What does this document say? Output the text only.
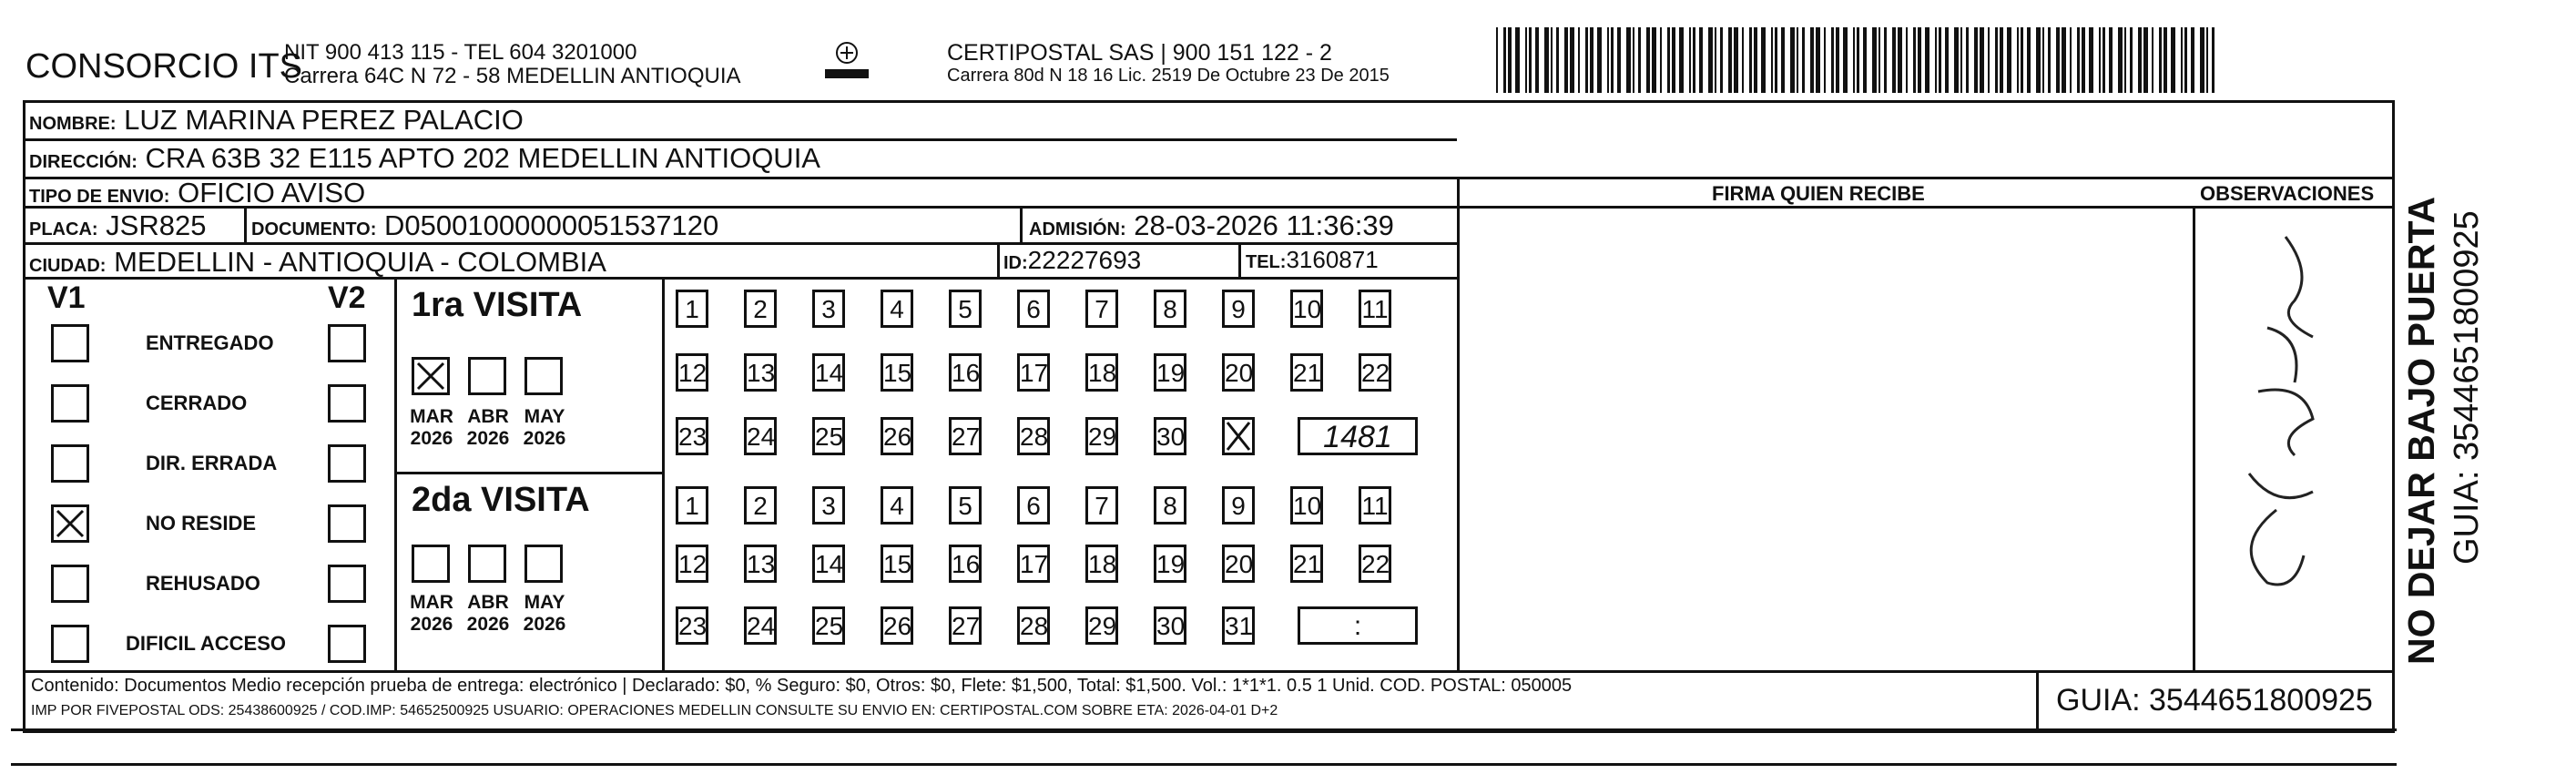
CONSORCIO ITS
NIT 900 413 115 - TEL 604 3201000
Carrera 64C N 72 - 58 MEDELLIN ANTIOQUIA
CERTIPOSTAL SAS | 900 151 122 - 2
Carrera 80d N 18 16 Lic. 2519 De Octubre 23 De 2015
NOMBRE: LUZ MARINA PEREZ PALACIO
DIRECCIÓN: CRA 63B 32 E115 APTO 202 MEDELLIN ANTIOQUIA
TIPO DE ENVIO: OFICIO AVISO	FIRMA QUIEN RECIBE	OBSERVACIONES
PLACA: JSR825 DOCUMENTO: D05001000000051537120	ADMISIÓN: 28-03-2026 11:36:39
CIUDAD: MEDELLIN - ANTIOQUIA - COLOMBIA	ID:22227693	TEL:3160871
V1	V2
ENTREGADO
CERRADO
DIR. ERRADA
NO RESIDE
REHUSADO
DIFICIL ACCESO
1ra VISITA
2da VISITA
MAR
2026
ABR
2026
MAY
2026
MAR
2026
ABR
2026
MAY
2026
1	2	3	4	5	6	7	8	9	10 11
12 13 14 15 16 17 18 19 20 21 22
23 24 25 26 27 28 29 30	1481
1	2	3	4	5	6	7	8	9	10 11
12 13 14 15 16 17 18 19 20 21 22
23 24 25 26 27 28 29 30 31	:	NO DEJAR BAJO PUERTA GUIA: 3544651800925
Contenido: Documentos Medio recepción prueba de entrega: electrónico | Declarado: $0, % Seguro: $0, Otros: $0, Flete: $1,500, Total: $1,500. Vol.: 1*1*1. 0.5 1 Unid. COD. POSTAL: 050005
IMP POR FIVEPOSTAL ODS: 25438600925 / COD.IMP: 54652500925 USUARIO: OPERACIONES MEDELLIN CONSULTE SU ENVIO EN: CERTIPOSTAL.COM SOBRE ETA: 2026-04-01 D+2	GUIA: 3544651800925
